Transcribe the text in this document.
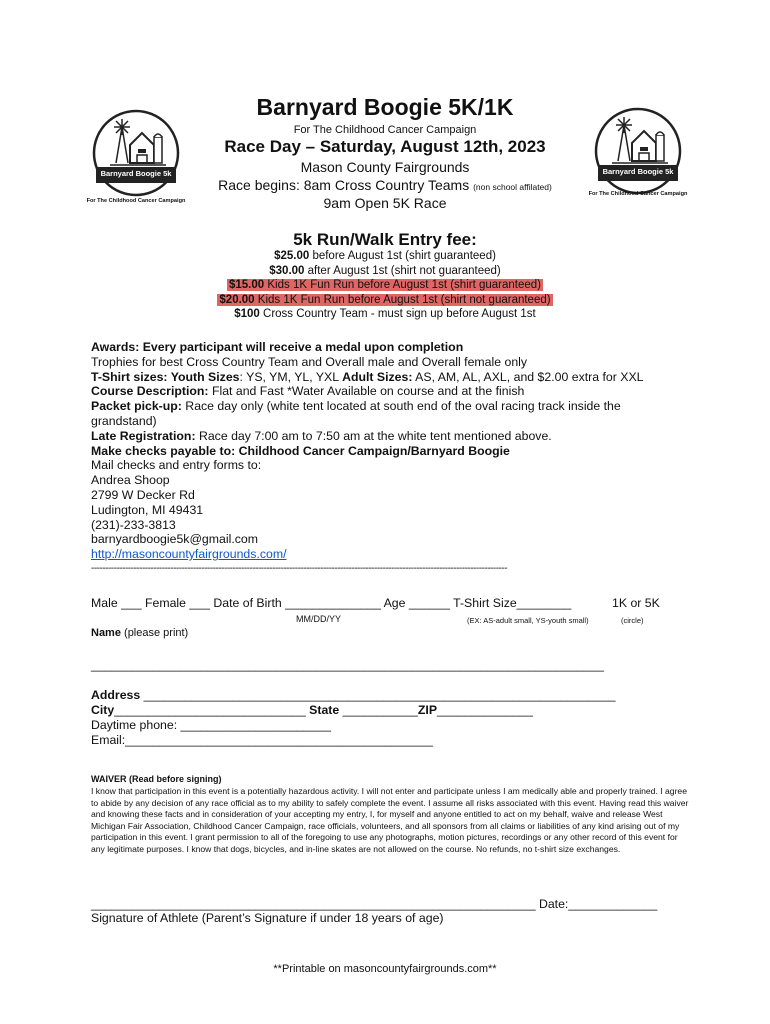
Barnyard Boogie 5k
For The Childhood Cancer Campaign
Barnyard Boogie 5k
For The Childhood Cancer Campaign
Barnyard Boogie 5K/1K
For The Childhood Cancer Campaign
Race Day – Saturday, August 12th, 2023
Mason County Fairgrounds
Race begins: 8am Cross Country Teams (non school affilated)
9am Open 5K Race
5k Run/Walk Entry fee:
$25.00 before August 1st (shirt guaranteed)
$30.00 after August 1st (shirt not guaranteed)
$15.00 Kids 1K Fun Run before August 1st (shirt guaranteed)
$20.00 Kids 1K Fun Run before August 1st (shirt not guaranteed)
$100 Cross Country Team - must sign up before August 1st
Awards: Every participant will receive a medal upon completion
Trophies for best Cross Country Team and Overall male and Overall female only
T-Shirt sizes: Youth Sizes: YS, YM, YL, YXL Adult Sizes: AS, AM, AL, AXL, and $2.00 extra for XXL
Course Description: Flat and Fast *Water Available on course and at the finish
Packet pick-up: Race day only (white tent located at south end of the oval racing track inside the
grandstand)
Late Registration: Race day 7:00 am to 7:50 am at the white tent mentioned above.
Make checks payable to: Childhood Cancer Campaign/Barnyard Boogie
Mail checks and entry forms to:
Andrea Shoop
2799 W Decker Rd
Ludington, MI 49431
(231)-233-3813
barnyardboogie5k@gmail.com
http://masoncountyfairgrounds.com/
---------------------------------------------------------------------------------------------------------------------------------------------------
Male ___ Female ___ Date of Birth ______________ Age ______ T-Shirt Size________	1K or 5K
MM/DD/YY	(EX: AS-adult small, YS-youth small)	(circle)
Name (please print)
___________________________________________________________________________
Address _____________________________________________________________________
City____________________________ State ___________ZIP______________
Daytime phone: ______________________
Email:_____________________________________________
WAIVER (Read before signing)
I know that participation in this event is a potentially hazardous activity. I will not enter and participate unless I am medically able and properly trained. I agree to abide by any decision of any race official as to my ability to safely complete the event. I assume all risks associated with this event. Having read this waiver and knowing these facts and in consideration of your accepting my entry, I, for myself and anyone entitled to act on my behalf, waive and release West Michigan Fair Association, Childhood Cancer Campaign, race officials, volunteers, and all sponsors from all claims or liabilities of any kind arising out of my participation in this event. I grant permission to all of the foregoing to use any photographs, motion pictures, recordings or any other record of this event for any legitimate purposes. I know that dogs, bicycles, and in-line skates are not allowed on the course. No refunds, no t-shirt size exchanges.
_________________________________________________________________ Date:_____________
Signature of Athlete (Parent’s Signature if under 18 years of age)
**Printable on masoncountyfairgrounds.com**
